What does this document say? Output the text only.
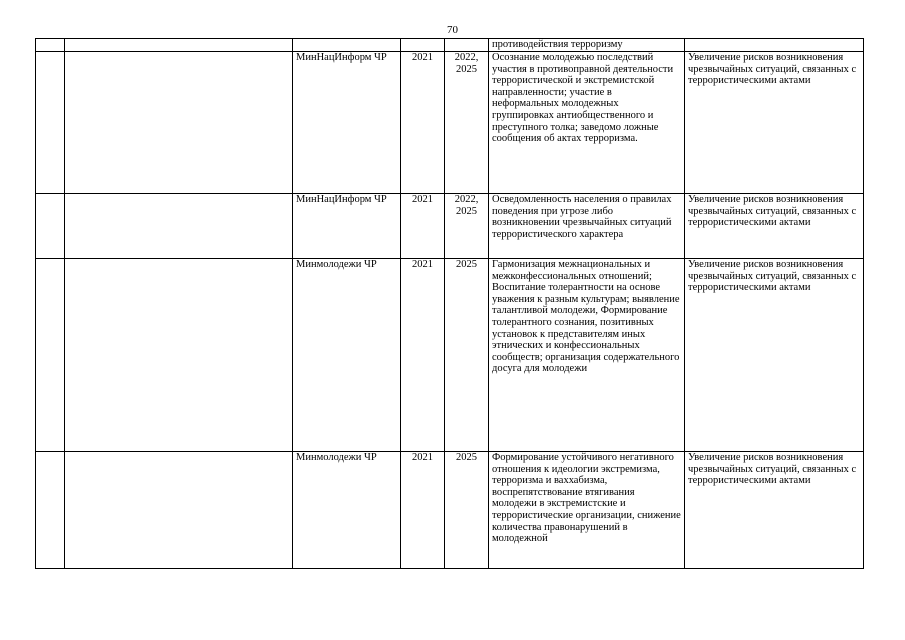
70
					противодействия терроризму	
		МинНацИнформ ЧР	2021	2022, 2025	Осознание молодежью последствий участия в противоправной деятельности террористической и экстремистской направленности; участие в неформальных молодежных группировках антиобщественного и преступного толка; заведомо ложные сообщения об актах терроризма.	Увеличение рисков возникновения чрезвычайных ситуаций, связанных с террористическими актами
		МинНацИнформ ЧР	2021	2022, 2025	Осведомленность населения о правилах поведения при угрозе либо возникновении чрезвычайных ситуаций террористического характера	Увеличение рисков возникновения чрезвычайных ситуаций, связанных с террористическими актами
		Минмолодежи ЧР	2021	2025	Гармонизация межнациональных и межконфессиональных отношений; Воспитание толерантности на основе уважения к разным культурам; выявление талантливой молодежи, Формирование толерантного сознания, позитивных установок к представителям иных этнических и конфессиональных сообществ; организация содержательного досуга для молодежи	Увеличение рисков возникновения чрезвычайных ситуаций, связанных с террористическими актами
		Минмолодежи ЧР	2021	2025	Формирование устойчивого негативного отношения к идеологии экстремизма, терроризма и ваххабизма, воспрепятствование втягивания молодежи в экстремистские и террористические организации, снижение количества правонарушений в молодежной	Увеличение рисков возникновения чрезвычайных ситуаций, связанных с террористическими актами
